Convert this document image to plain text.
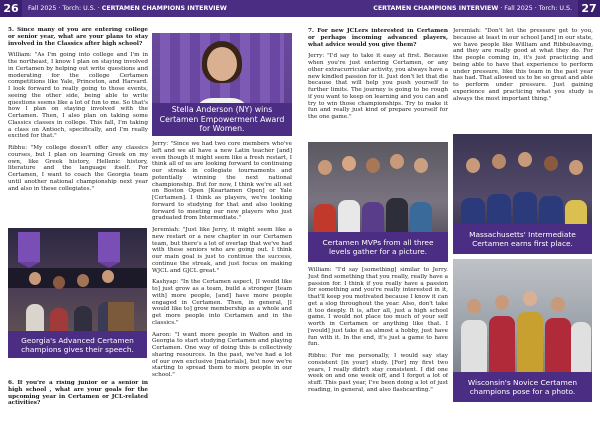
26	Fall 2025 · Torch: U.S. · CERTAMEN CHAMPIONS INTERVIEW

5. Since many of you are entering college or senior year, what are your plans to stay involved in the Classics after high school?

William: "As I'm going into college and I'm in the northeast, I know I plan on staying involved in Certamen by helping out write questions and moderating for the college Certamen competitions like Yale, Princeton, and Harvard. I look forward to really going to those events, seeing the other side, being able to write questions seems like a lot of fun to me. So that's how I plan on staying involved with the Certamen. Then, I also plan on taking some Classics classes in college. This fall, I'm taking a class on Antioch, specifically, and I'm really excited for that."

Ribhu: "My college doesn't offer any classics courses, but I plan on learning Greek on my own, like Greek history, Hellenic history, literature and the language itself. For Certamen, I want to coach the Georgia team until another national championship next year and also in these collegiates."

Georgia's Advanced Certamen champions gives their speech.

6. If you're a rising junior or a senior in high school , what are your goals for the upcoming year in Certamen or JCL-related activities?

Stella Anderson (NY) wins Certamen Empowerment Award for Women.

Jerry: "Since we had two core members who've left and we all have a new Latin teacher [and] even though it might seem like a fresh restart, I think all of us are looking forward to continuing our streak in collegiate tournaments and potentially winning the next national championship. But for now, I think we're all set on Boston Open [Keartamen Open] or Yale [Certamen]. I think as players, we're looking forward to studying for that and also looking forward to meeting our new players who just graduated from Intermediate."

Jeremiah: "Just like Jerry, it might seem like a new restart or a new chapter in our Certamen team, but there's a lot of overlap that we've had with these seniors who are going out. I think our main goal is just to continue the success, continue the streak, and just focus on making WJCL and GJCL great."

Kashyap: "In the Certamen aspect, [I would like to] just grow as a team, build a stronger [team with] more people, [and] have more people engaged in Certamen. Then, in general, [I would like to] grow membership as a whole and get more people into Certamen and in the classics."

Aaron: "I want more people in Walton and in Georgia to start studying Certamen and playing Certamen. One way of doing this is collectively sharing resources. In the past, we've had a lot of our own exclusive [materials], but now we're starting to spread them to more people in our school."

CERTAMEN CHAMPIONS INTERVIEW · Fall 2025 · Torch: U.S. 27

7. For new JCLers interested in Certamen or perhaps incoming advanced players, what advice would you give them?

Jerry: "I'd say to take it easy at first. Because when you're just entering Certamen, or any other extracurricular activity, you always have a new kindled passion for it. Just don't let that die because that will help you push yourself to further limits. The journey is going to be rough if you want to keep on learning and you can and try to win those championships. Try to make it fun and really just kind of prepare yourself for the one game."

Jeremiah: "Don't let the pressure get to you, because at least in our school [and] in our state, we have people like William and Ribbuleaving, and they are really good at what they do. For the people coming in, it's just practicing and being able to have that experience to perform under pressure, like this team in the past year has had. That allowed us to be so great and able to perform under pressure. Just gaining experience and practicing what you study is always the most important thing."

Certamen MVPs from all three levels gather for a picture.
Massachusetts' Intermediate Certamen earns first place.

William: "I'd say [something] similar to Jerry. Just find something that you really, really have a passion for. I think if you really have a passion for something and you're really interested in it, that'll keep you motivated because I know it can get a slog throughout the year. Also, don't take it too deeply. It is, after all, just a high school game. I would not place too much of your self worth in Certamen or anything like that. I [would] just take it as almost a hobby, just have fun with it. In the end, it's just a game to have fun.

Ribhu: For me personally, I would say stay consistent [in your] study. [For] my first two years, I really didn't stay consistent. I did one week on and one week off, and I forgot a lot of stuff. This past year, I've been doing a lot of just reading, in general, and also flashcarding."

Wisconsin's Novice Certamen champions pose for a photo.
